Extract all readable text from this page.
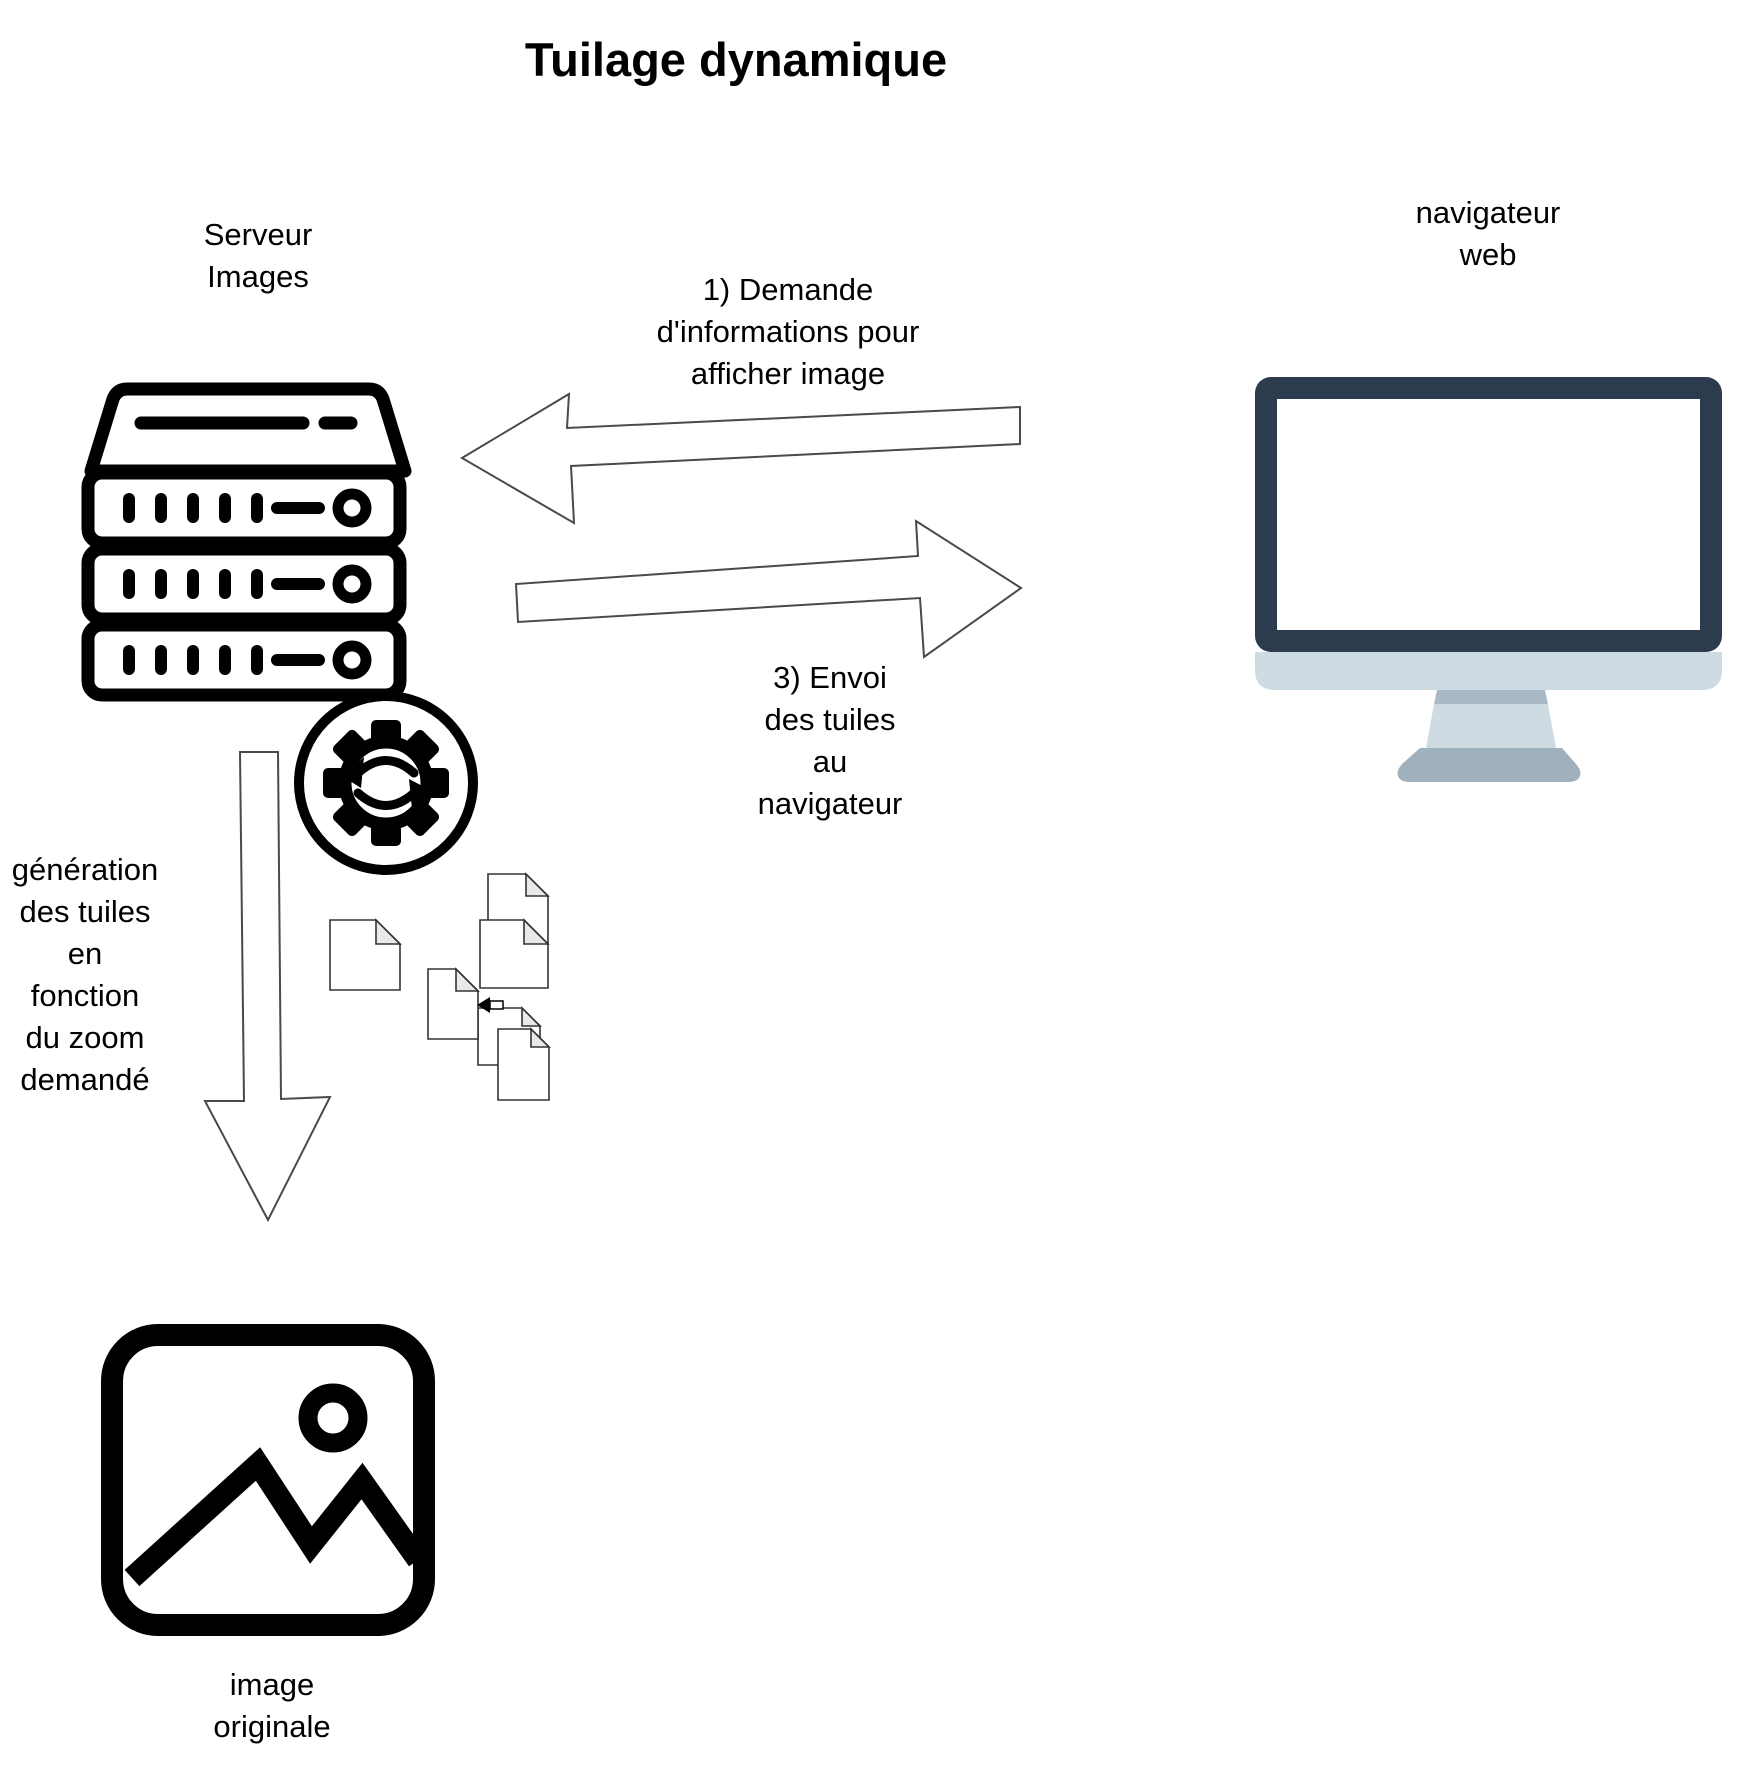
Tuilage dynamique
Serveur
Images
navigateur
web
1) Demande
d'informations pour
afficher image
3) Envoi
des tuiles
au
navigateur
génération
des tuiles
en
fonction
du zoom
demandé
image
originale
